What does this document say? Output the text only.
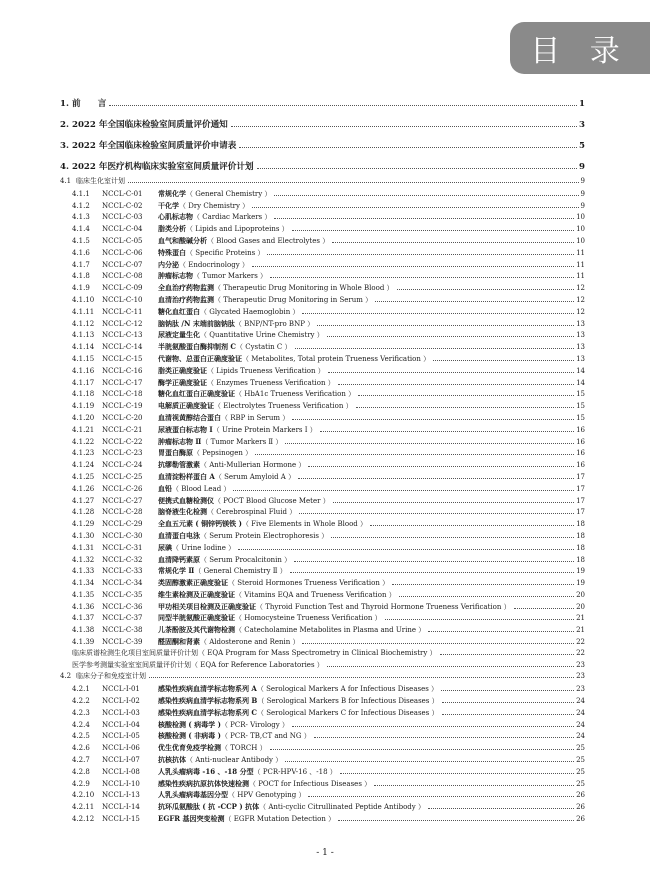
目 录
1. 前　　言	1
2. 2022 年全国临床检验室间质量评价通知	3
3. 2022 年全国临床检验室间质量评价申请表	5
4. 2022 年医疗机构临床实验室室间质量评价计划	9
4.1 临床生化室计划	9
4.1.1 NCCL-C-01 常规化学（ General Chemistry ）	9
4.1.2 NCCL-C-02 干化学（ Dry Chemistry ）	9
4.1.3 NCCL-C-03 心肌标志物（ Cardiac Markers ）	10
4.1.4 NCCL-C-04 脂类分析（ Lipids and Lipoproteins ）	10
4.1.5 NCCL-C-05 血气和酸碱分析（ Blood Gases and Electrolytes ）	10
4.1.6 NCCL-C-06 特殊蛋白（ Specific Proteins ）	11
4.1.7 NCCL-C-07 内分泌（ Endocrinology ）	11
4.1.8 NCCL-C-08 肿瘤标志物（ Tumor Markers ）	11
4.1.9 NCCL-C-09 全血治疗药物监测（ Therapeutic Drug Monitoring in Whole Blood ）	12
4.1.10 NCCL-C-10 血清治疗药物监测（ Therapeutic Drug Monitoring in Serum ）	12
4.1.11 NCCL-C-11 糖化血红蛋白（ Glycated Haemoglobin ）	12
4.1.12 NCCL-C-12 脑钠肽 /N 末端前脑钠肽（ BNP/NT-pro BNP ）	13
4.1.13 NCCL-C-13 尿液定量生化（ Quantitative Urine Chemistry ）	13
4.1.14 NCCL-C-14 半胱氨酸蛋白酶抑制剂 C（ Cystatin C ）	13
4.1.15 NCCL-C-15 代谢物、总蛋白正确度验证（ Metabolites, Total protein Trueness Verification ）	13
4.1.16 NCCL-C-16 脂类正确度验证（ Lipids Trueness Verification ）	14
4.1.17 NCCL-C-17 酶学正确度验证（ Enzymes Trueness Verification ）	14
4.1.18 NCCL-C-18 糖化血红蛋白正确度验证（ HbA1c Trueness Verification ）	15
4.1.19 NCCL-C-19 电解质正确度验证（ Electrolytes Trueness Verification ）	15
4.1.20 NCCL-C-20 血清视黄醇结合蛋白（ RBP in Serum ）	15
4.1.21 NCCL-C-21 尿液蛋白标志物 Ⅰ（ Urine Protein Markers Ⅰ ）	16
4.1.22 NCCL-C-22 肿瘤标志物 Ⅱ（ Tumor Markers Ⅱ ）	16
4.1.23 NCCL-C-23 胃蛋白酶原（ Pepsinogen ）	16
4.1.24 NCCL-C-24 抗缪勒管激素（ Anti-Mullerian Hormone ）	16
4.1.25 NCCL-C-25 血清淀粉样蛋白 A（ Serum Amyloid A ）	17
4.1.26 NCCL-C-26 血铅（ Blood Lead ）	17
4.1.27 NCCL-C-27 便携式血糖检测仪（ POCT Blood Glucose Meter ）	17
4.1.28 NCCL-C-28 脑脊液生化检测（ Cerebrospinal Fluid ）	17
4.1.29 NCCL-C-29 全血五元素 ( 铜锌钙镁铁 )（ Five Elements in Whole Blood ）	18
4.1.30 NCCL-C-30 血清蛋白电泳（ Serum Protein Electrophoresis ）	18
4.1.31 NCCL-C-31 尿碘（ Urine Iodine ）	18
4.1.32 NCCL-C-32 血清降钙素原（ Serum Procalcitonin ）	18
4.1.33 NCCL-C-33 常规化学 Ⅱ（ General Chemistry Ⅱ ）	19
4.1.34 NCCL-C-34 类固醇激素正确度验证（ Steroid Hormones Trueness Verification ）	19
4.1.35 NCCL-C-35 维生素检测及正确度验证（ Vitamins EQA and Trueness Verification ）	20
4.1.36 NCCL-C-36 甲功相关项目检测及正确度验证（ Thyroid Function Test and Thyroid Hormone Trueness Verification ）	20
4.1.37 NCCL-C-37 同型半胱氨酸正确度验证（ Homocysteine Trueness Verification ）	21
4.1.38 NCCL-C-38 儿茶酚胺及其代谢物检测（ Catecholamine Metabolites in Plasma and Urine ）	21
4.1.39 NCCL-C-39 醛固酮和肾素（ Aldosterone and Renin ）	22
临床质谱检测生化项目室间质量评价计划（ EQA Program for Mass Spectrometry in Clinical Biochemistry ）	22
医学参考测量实验室室间质量评价计划（ EQA for Reference Laboratories ）	23
4.2 临床分子和免疫室计划	23
4.2.1 NCCL-I-01	感染性疾病血清学标志物系列 A（ Serological Markers A for Infectious Diseases ）	23
4.2.2 NCCL-I-02	感染性疾病血清学标志物系列 B（ Serological Markers B for Infectious Diseases ）	24
4.2.3 NCCL-I-03	感染性疾病血清学标志物系列 C（ Serological Markers C for Infectious Diseases ）	24
4.2.4 NCCL-I-04	核酸检测 ( 病毒学 )（ PCR- Virology ）	24
4.2.5 NCCL-I-05	核酸检测 ( 非病毒 )（ PCR- TB,CT and NG ）	24
4.2.6 NCCL-I-06	优生优育免疫学检测（ TORCH ）	25
4.2.7 NCCL-I-07	抗核抗体（ Anti-nuclear Antibody ）	25
4.2.8 NCCL-I-08	人乳头瘤病毒 -16 、-18 分型（ PCR-HPV-16 、-18 ）	25
4.2.9 NCCL-I-10	感染性疾病抗原抗体快速检测（ POCT for Infectious Diseases ）	25
4.2.10 NCCL-I-13	人乳头瘤病毒基因分型（ HPV Genotyping ）	26
4.2.11 NCCL-I-14	抗环瓜氨酸肽 ( 抗 -CCP ) 抗体（ Anti-cyclic Citrullinated Peptide Antibody ）	26
4.2.12 NCCL-I-15	EGFR 基因突变检测（ EGFR Mutation Detection ）	26
- 1 -
